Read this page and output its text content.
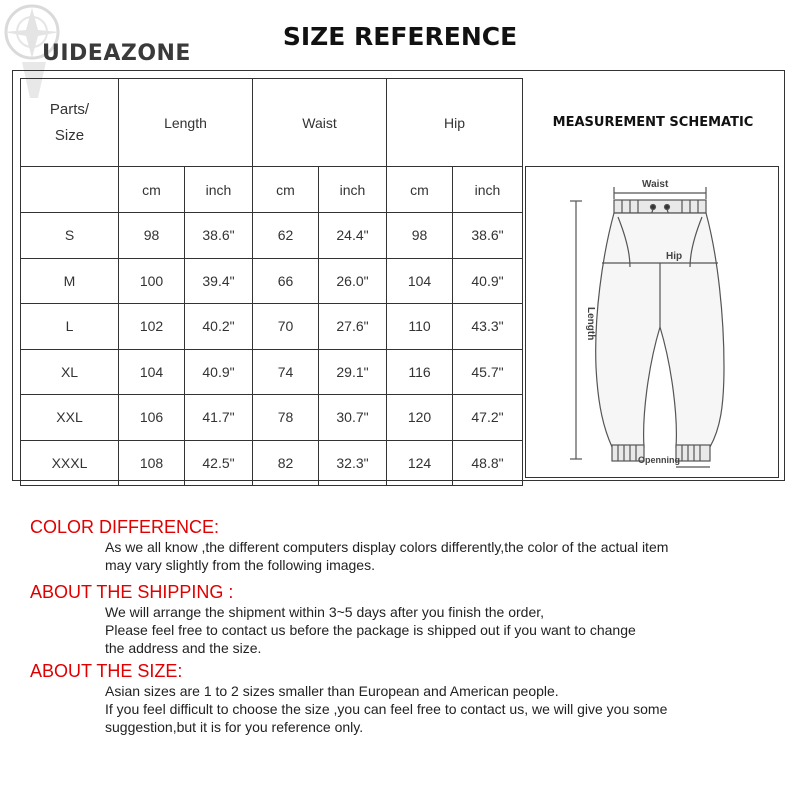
UIDEAZONE
SIZE REFERENCE
Parts/
Size	Length		Waist		Hip	
	cm	inch	cm	inch	cm	inch
S	98	38.6"	62	24.4"	98	38.6"
M	100	39.4"	66	26.0"	104	40.9"
L	102	40.2"	70	27.6"	110	43.3"
XL	104	40.9"	74	29.1"	116	45.7"
XXL	106	41.7"	78	30.7"	120	47.2"
XXXL	108	42.5"	82	32.3"	124	48.8"
MEASUREMENT SCHEMATIC
Waist
Hip
Length
Openning

COLOR DIFFERENCE:

As we all know ,the different computers display colors differently,the color of the actual item

may vary slightly from the following images.

ABOUT THE SHIPPING :

We will arrange the shipment within 3~5 days after you finish the order,

Please feel free to contact us before the package is shipped out if you want to change

the address and the size.

ABOUT THE SIZE:

Asian sizes are 1 to 2 sizes smaller than European and American people.

If you feel difficult to choose the size ,you can feel free to contact us, we will give you some

suggestion,but it is for you reference only.
